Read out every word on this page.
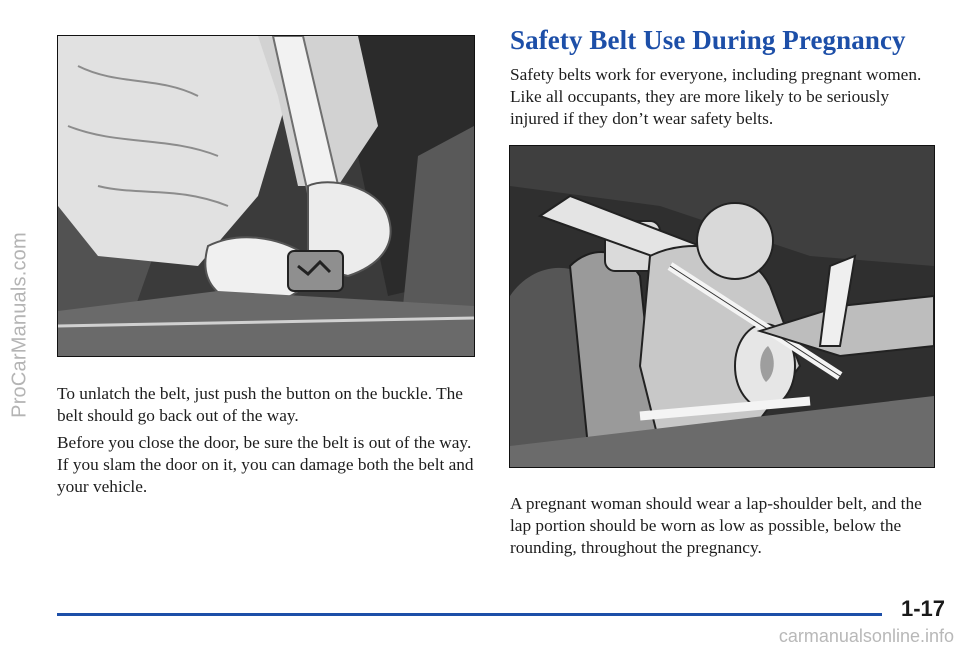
ProCarManuals.com To unlatch the belt, just push the button on the buckle. The belt should go back out of the way.

Before you close the door, be sure the belt is out of the way. If you slam the door on it, you can damage both the belt and your vehicle.

Safety Belt Use During Pregnancy

Safety belts work for everyone, including pregnant women. Like all occupants, they are more likely to be seriously injured if they don’t wear safety belts.

A pregnant woman should wear a lap-shoulder belt, and the lap portion should be worn as low as possible, below the rounding, throughout the pregnancy.

1-17
carmanualsonline.info
